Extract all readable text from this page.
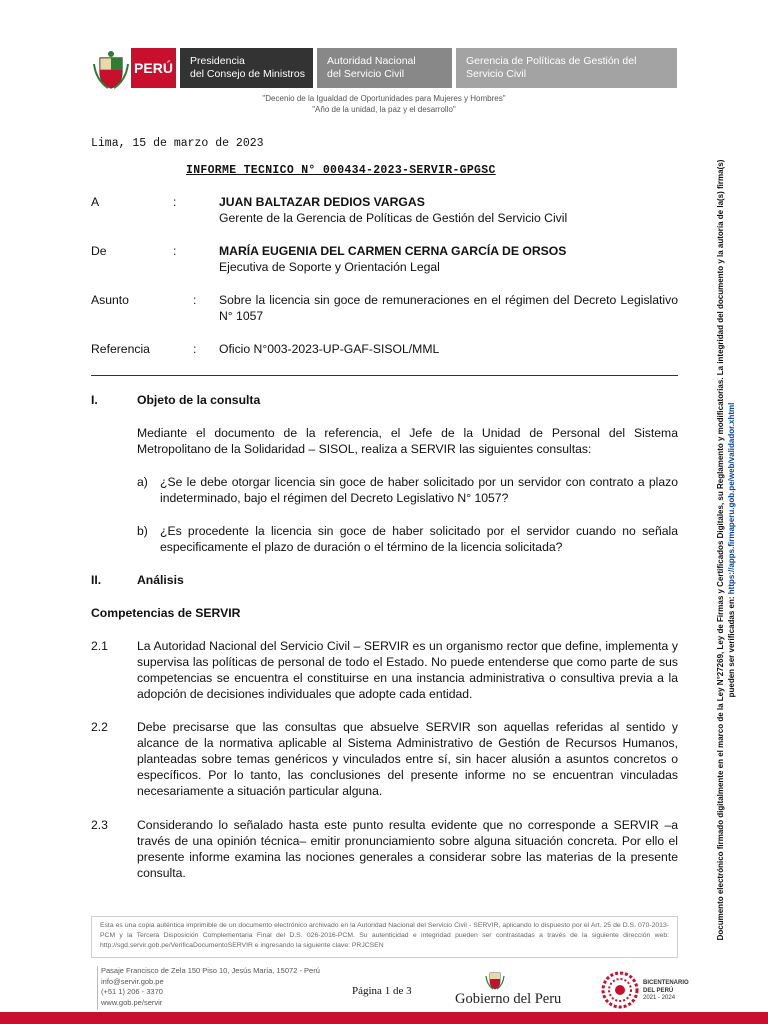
PERÚ Presidencia
del Consejo de Ministros
Autoridad Nacional
del Servicio Civil
Gerencia de Políticas de Gestión del
Servicio Civil
"Decenio de la Igualdad de Oportunidades para Mujeres y Hombres"
"Año de la unidad, la paz y el desarrollo"
Lima, 15 de marzo de 2023
INFORME TECNICO N° 000434-2023-SERVIR-GPGSC
A	:	JUAN BALTAZAR DEDIOS VARGAS
Gerente de la Gerencia de Políticas de Gestión del Servicio Civil
De	:	MARÍA EUGENIA DEL CARMEN CERNA GARCÍA DE ORSOS
Ejecutiva de Soporte y Orientación Legal
Asunto	: Sobre la licencia sin goce de remuneraciones en el régimen del Decreto Legislativo N° 1057
Referencia	: Oficio N°003-2023-UP-GAF-SISOL/MML
I.	Objeto de la consulta
Mediante el documento de la referencia, el Jefe de la Unidad de Personal del Sistema Metropolitano de la Solidaridad – SISOL, realiza a SERVIR las siguientes consultas:
a) ¿Se le debe otorgar licencia sin goce de haber solicitado por un servidor con contrato a plazo indeterminado, bajo el régimen del Decreto Legislativo N° 1057?
b) ¿Es procedente la licencia sin goce de haber solicitado por el servidor cuando no señala especificamente el plazo de duración o el término de la licencia solicitada?
II.	Análisis
Competencias de SERVIR
2.1 La Autoridad Nacional del Servicio Civil – SERVIR es un organismo rector que define, implementa y supervisa las políticas de personal de todo el Estado. No puede entenderse que como parte de sus competencias se encuentra el constituirse en una instancia administrativa o consultiva previa a la adopción de decisiones individuales que adopte cada entidad.
2.2 Debe precisarse que las consultas que absuelve SERVIR son aquellas referidas al sentido y alcance de la normativa aplicable al Sistema Administrativo de Gestión de Recursos Humanos, planteadas sobre temas genéricos y vinculados entre sí, sin hacer alusión a asuntos concretos o específicos. Por lo tanto, las conclusiones del presente informe no se encuentran vinculadas necesariamente a situación particular alguna.
2.3 Considerando lo señalado hasta este punto resulta evidente que no corresponde a SERVIR –a través de una opinión técnica– emitir pronunciamiento sobre alguna situación concreta. Por ello el presente informe examina las nociones generales a considerar sobre las materias de la presente consulta.
Esta es una copia auténtica imprimible de un documento electrónico archivado en la Autoridad Nacional del Servicio Civil - SERVIR, aplicando lo dispuesto por el Art. 25 de D.S. 070-2013-PCM y la Tercera Disposición Complementaria Final del D.S. 026-2016-PCM. Su autenticidad e integridad pueden ser contrastadas a través de la siguiente dirección web: http://sgd.servir.gob.pe/VerificaDocumentoSERVIR e ingresando la siguiente clave: PRJCSEN
Pasaje Francisco de Zela 150 Piso 10, Jesús María, 15072 - Perú
info@servir.gob.pe
(+51 1) 206 - 3370
www.gob.pe/servir
Página 1 de 3	Gobierno del Peru
BICENTENARIO
DEL PERÚ
2021 - 2024
Documento electrónico firmado digitalmente en el marco de la Ley N°27269, Ley de Firmas y Certificados Digitales, su Reglamento y modificatorias. La integridad del documento y la autoría de la(s) firma(s) pueden ser verificadas en: https://apps.firmaperu.gob.pe/web/validador.xhtml
